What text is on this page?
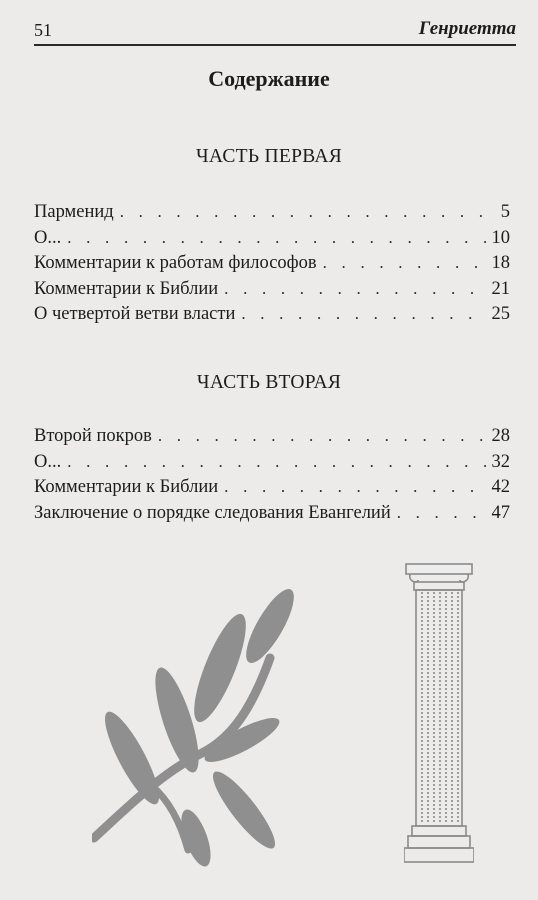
51	Генриетта
Содержание
ЧАСТЬ ПЕРВАЯ
Парменид . . .	5
О... . . .	10
Комментарии к работам философов . . .	18
Комментарии к Библии . . .	21
О четвертой ветви власти . . .	25
ЧАСТЬ ВТОРАЯ
Второй покров . . .	28
О... . . .	32
Комментарии к Библии . . .	42
Заключение о порядке следования Евангелий . . .	47
